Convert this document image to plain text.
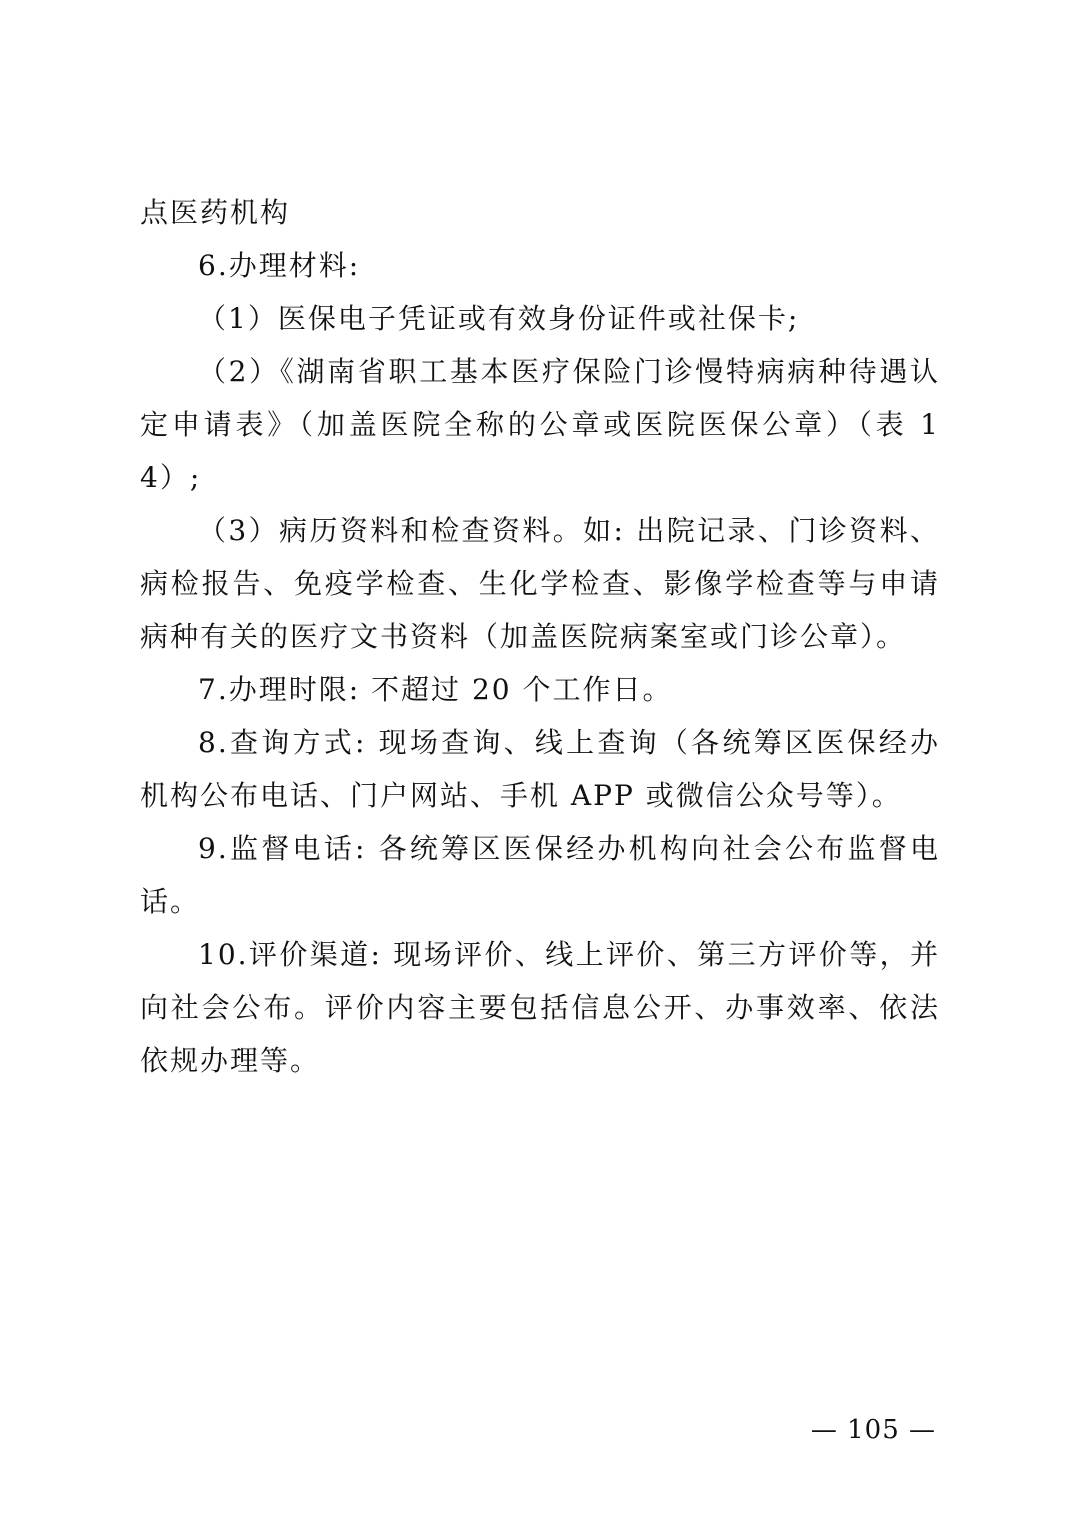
点医药机构

6.办理材料:

（1）医保电子凭证或有效身份证件或社保卡;

（2）《湖南省职工基本医疗保险门诊慢特病病种待遇认定申请表》（加盖医院全称的公章或医院医保公章）（表 14）;

（3）病历资料和检查资料。如: 出院记录、门诊资料、病检报告、免疫学检查、生化学检查、影像学检查等与申请病种有关的医疗文书资料（加盖医院病案室或门诊公章）。

7.办理时限: 不超过 20 个工作日。

8.查询方式: 现场查询、线上查询（各统筹区医保经办机构公布电话、门户网站、手机 APP 或微信公众号等）。

9.监督电话: 各统筹区医保经办机构向社会公布监督电话。

10.评价渠道: 现场评价、线上评价、第三方评价等，并向社会公布。评价内容主要包括信息公开、办事效率、依法依规办理等。

— 105 —
